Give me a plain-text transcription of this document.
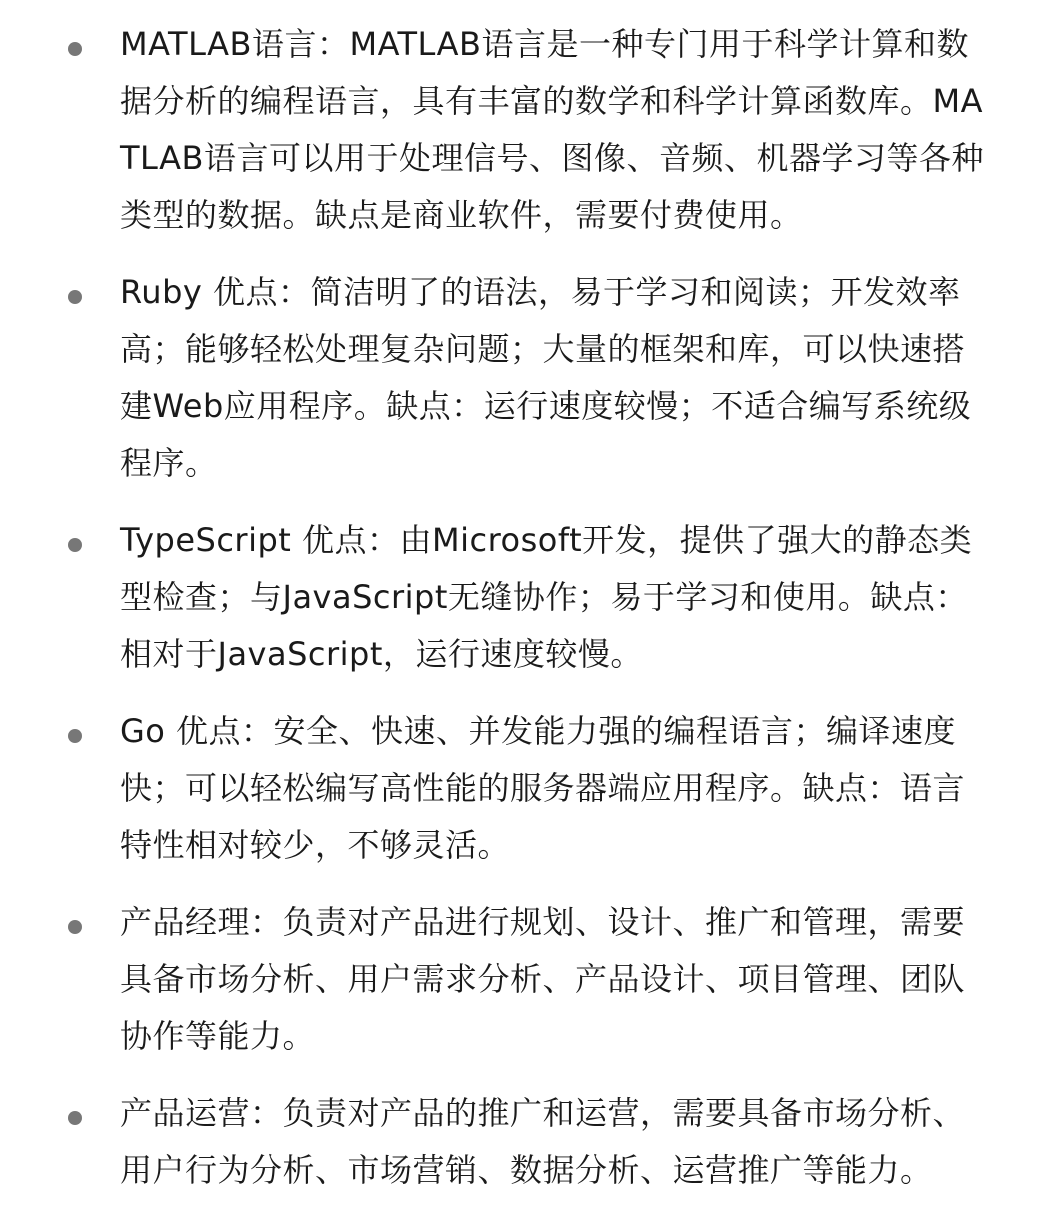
MATLAB语言：MATLAB语言是一种专门用于科学计算和数据分析的编程语言，具有丰富的数学和科学计算函数库。MATLAB语言可以用于处理信号、图像、音频、机器学习等各种类型的数据。缺点是商业软件，需要付费使用。
Ruby 优点：简洁明了的语法，易于学习和阅读；开发效率高；能够轻松处理复杂问题；大量的框架和库，可以快速搭建Web应用程序。缺点：运行速度较慢；不适合编写系统级程序。
TypeScript 优点：由Microsoft开发，提供了强大的静态类型检查；与JavaScript无缝协作；易于学习和使用。缺点：相对于JavaScript，运行速度较慢。
Go 优点：安全、快速、并发能力强的编程语言；编译速度快；可以轻松编写高性能的服务器端应用程序。缺点：语言特性相对较少，不够灵活。
产品经理：负责对产品进行规划、设计、推广和管理，需要具备市场分析、用户需求分析、产品设计、项目管理、团队协作等能力。
产品运营：负责对产品的推广和运营，需要具备市场分析、用户行为分析、市场营销、数据分析、运营推广等能力。
